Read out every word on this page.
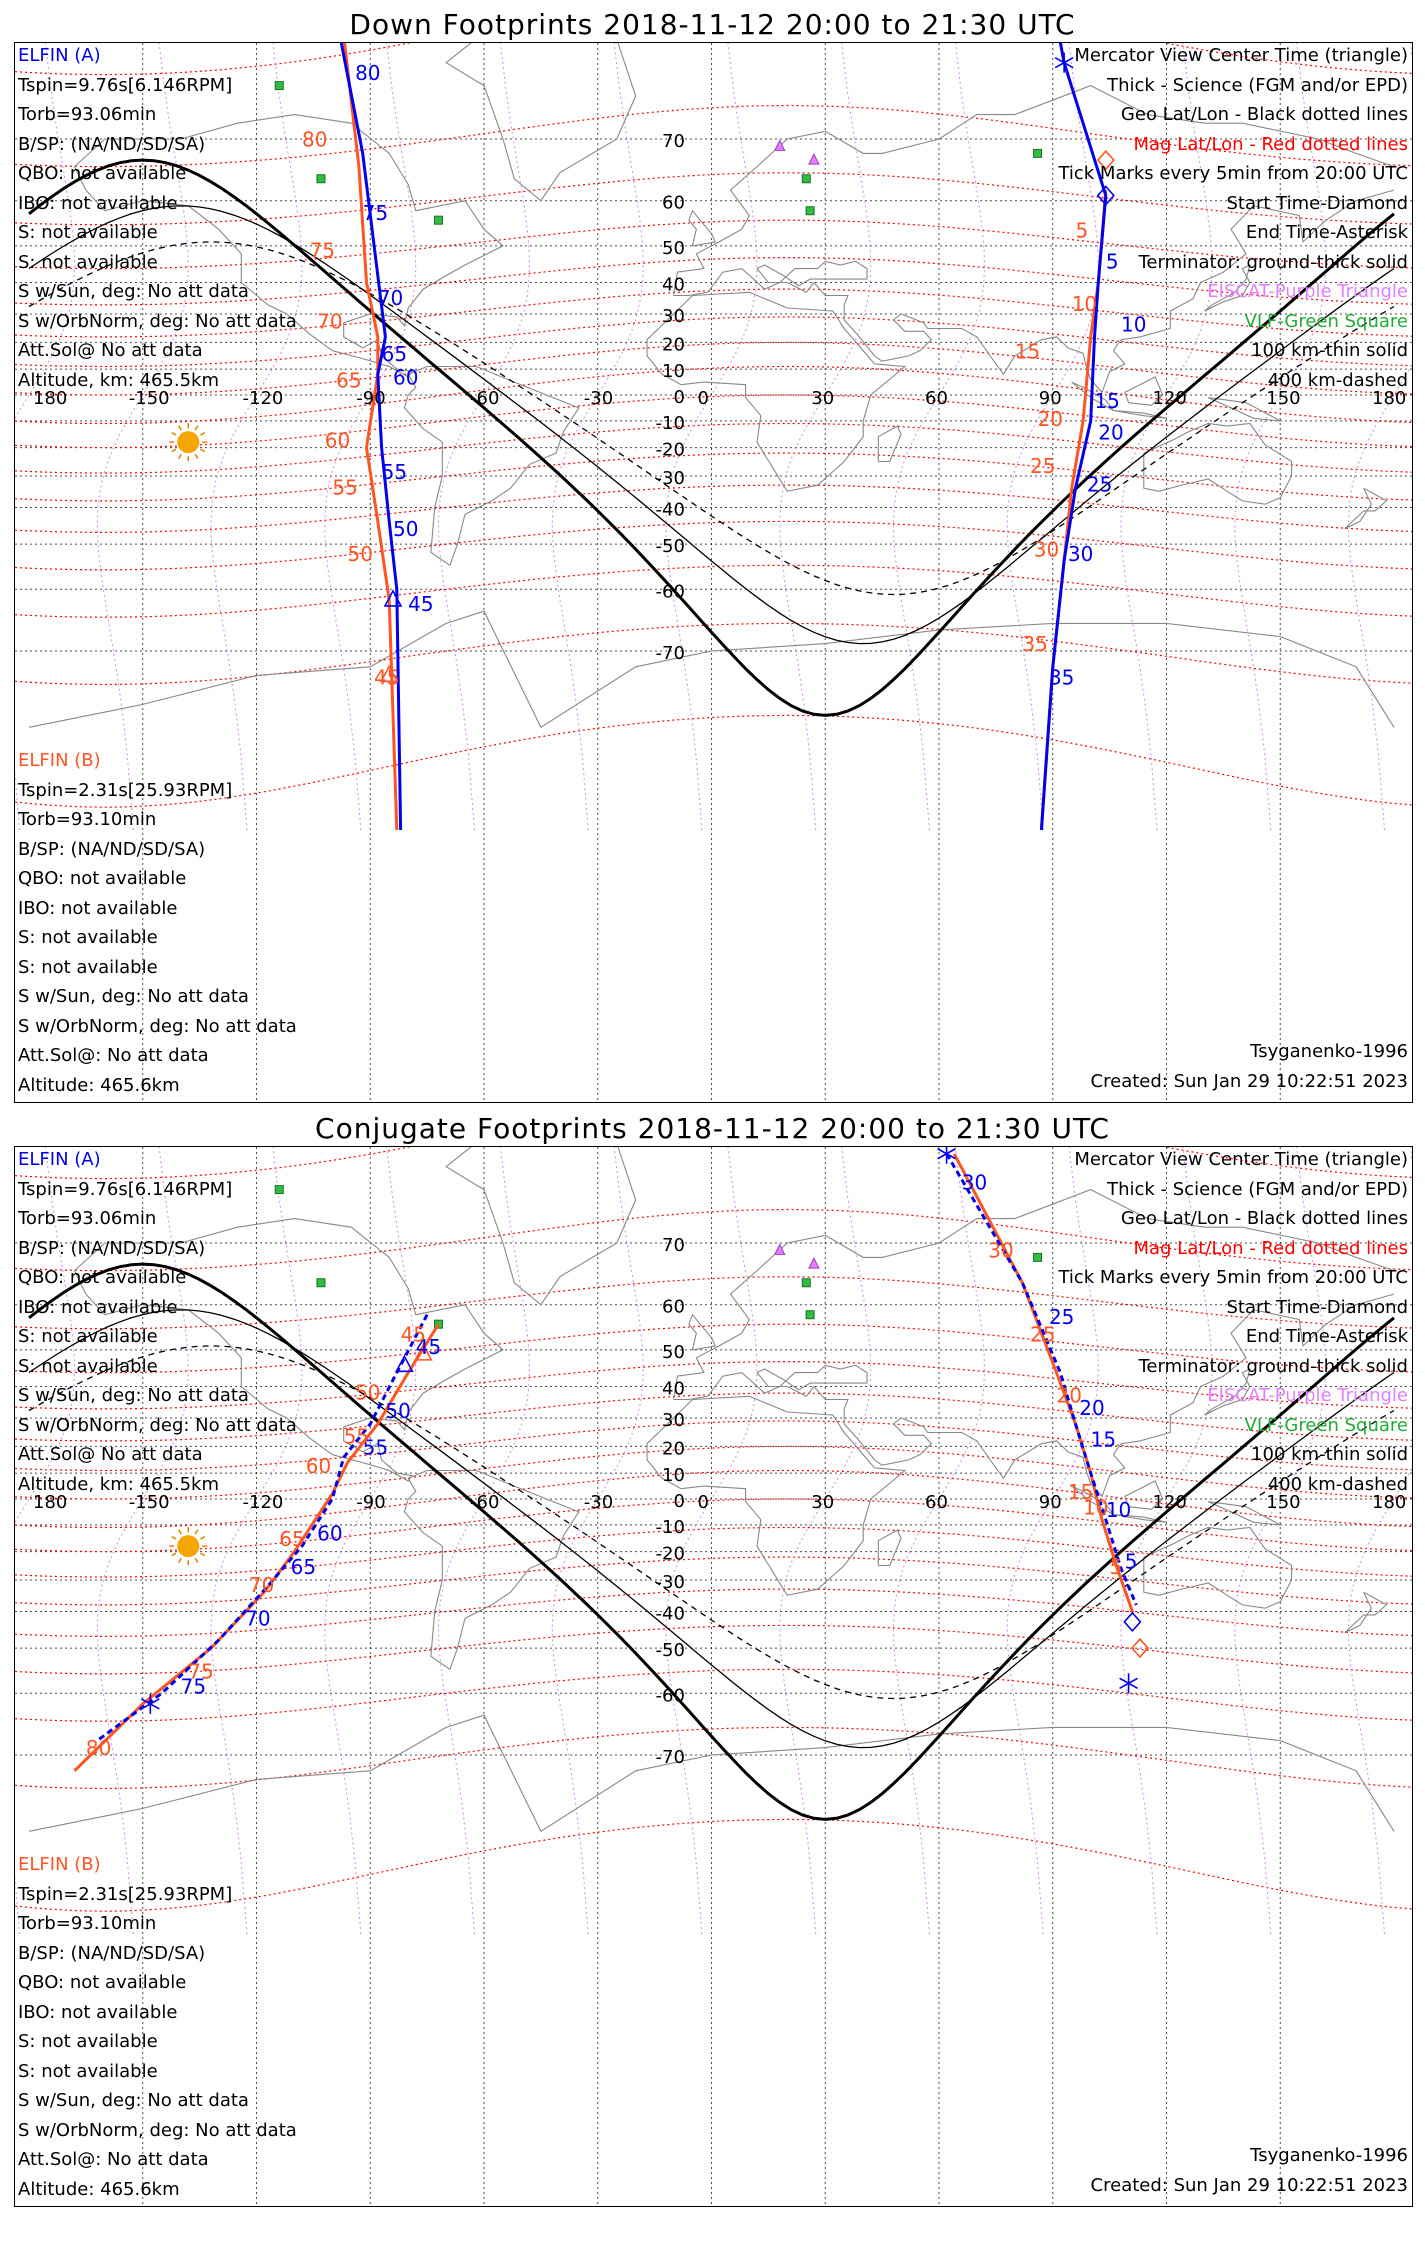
Down Footprints 2018-11-12 20:00 to 21:30 UTC
80
75
70
65
60
55
50
45
5
10
15
20
25
30
35
80
75
70
65
60
55
50
45
5
10
15
20
25
30
35
180	-150	-120	-90	-60	-30	0	30	60	90	120	150	180
70
60
50
40
30
20
10
0
-10
-20
-30
-40
-50
-60
-70
ELFIN (A)
Tspin=9.76s[6.146RPM]
Torb=93.06min
B/SP: (NA/ND/SD/SA)
QBO: not available
IBO: not available
S: not available
S: not available
S w/Sun, deg: No att data
S w/OrbNorm, deg: No att data
Att.Sol@ No att data
Altitude, km: 465.5km
ELFIN (B)
Tspin=2.31s[25.93RPM]
Torb=93.10min
B/SP: (NA/ND/SD/SA)
QBO: not available
IBO: not available
S: not available
S: not available
S w/Sun, deg: No att data
S w/OrbNorm, deg: No att data
Att.Sol@: No att data
Altitude: 465.6km
Mercator View Center Time (triangle)
Thick - Science (FGM and/or EPD)
Geo Lat/Lon - Black dotted lines
Mag Lat/Lon - Red dotted lines
Tick Marks every 5min from 20:00 UTC
Start Time-Diamond
End Time-Asterisk
Terminator: ground-thick solid
EISCAT-Purple Triangle
VLF-Green Square
100 km-thin solid
400 km-dashed
Tsyganenko-1996
Created: Sun Jan 29 10:22:51 2023
Conjugate Footprints 2018-11-12 20:00 to 21:30 UTC
45
50
55
60
65
70
75
30
25
20
15
10
5
45
50
55
60
65
70
75
80
30
25
20
15
10
5
180	-150	-120	-90	-60	-30	0	30	60	90	120	150	180
70
60
50
40
30
20
10
0
-10
-20
-30
-40
-50
-60
-70
ELFIN (A)
Tspin=9.76s[6.146RPM]
Torb=93.06min
B/SP: (NA/ND/SD/SA)
QBO: not available
IBO: not available
S: not available
S: not available
S w/Sun, deg: No att data
S w/OrbNorm, deg: No att data
Att.Sol@ No att data
Altitude, km: 465.5km
ELFIN (B)
Tspin=2.31s[25.93RPM]
Torb=93.10min
B/SP: (NA/ND/SD/SA)
QBO: not available
IBO: not available
S: not available
S: not available
S w/Sun, deg: No att data
S w/OrbNorm, deg: No att data
Att.Sol@: No att data
Altitude: 465.6km
Mercator View Center Time (triangle)
Thick - Science (FGM and/or EPD)
Geo Lat/Lon - Black dotted lines
Mag Lat/Lon - Red dotted lines
Tick Marks every 5min from 20:00 UTC
Start Time-Diamond
End Time-Asterisk
Terminator: ground-thick solid
EISCAT-Purple Triangle
VLF-Green Square
100 km-thin solid
400 km-dashed
Tsyganenko-1996
Created: Sun Jan 29 10:22:51 2023
